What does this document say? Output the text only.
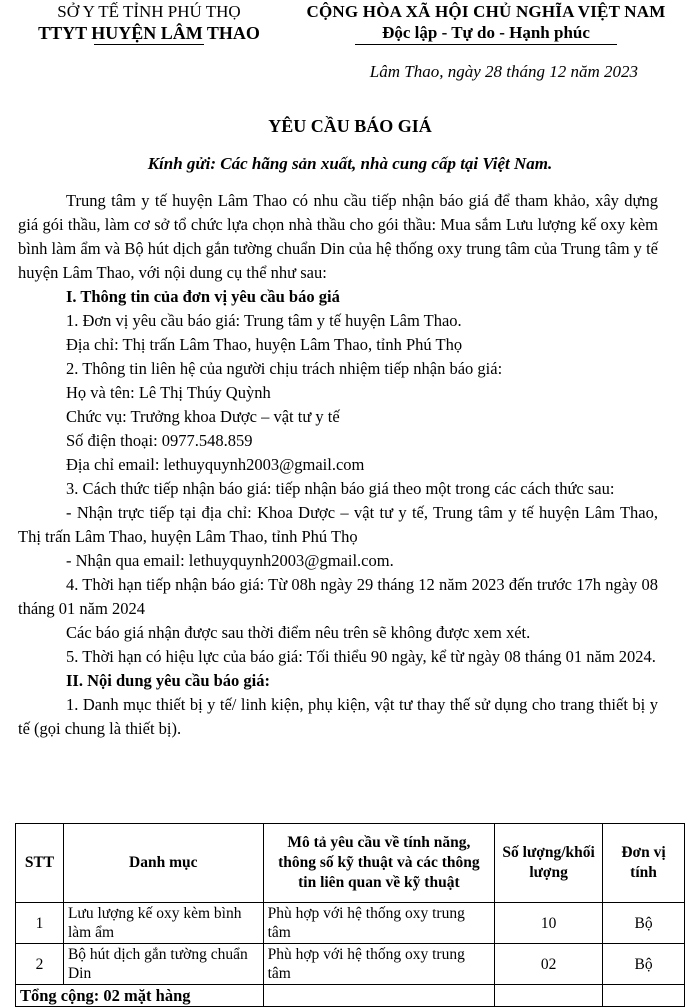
SỞ Y TẾ TỈNH PHÚ THỌ
TTYT HUYỆN LÂM THAO
CỘNG HÒA XÃ HỘI CHỦ NGHĨA VIỆT NAM
Độc lập - Tự do - Hạnh phúc
Lâm Thao, ngày 28 tháng 12 năm 2023
YÊU CẦU BÁO GIÁ
Kính gửi: Các hãng sản xuất, nhà cung cấp tại Việt Nam.

Trung tâm y tế huyện Lâm Thao có nhu cầu tiếp nhận báo giá để tham khảo, xây dựng giá gói thầu, làm cơ sở tổ chức lựa chọn nhà thầu cho gói thầu: Mua sắm Lưu lượng kế oxy kèm bình làm ẩm và Bộ hút dịch gắn tường chuẩn Din của hệ thống oxy trung tâm của Trung tâm y tế huyện Lâm Thao, với nội dung cụ thể như sau:

I. Thông tin của đơn vị yêu cầu báo giá

1. Đơn vị yêu cầu báo giá: Trung tâm y tế huyện Lâm Thao.

Địa chỉ: Thị trấn Lâm Thao, huyện Lâm Thao, tỉnh Phú Thọ

2. Thông tin liên hệ của người chịu trách nhiệm tiếp nhận báo giá:

Họ và tên: Lê Thị Thúy Quỳnh

Chức vụ: Trưởng khoa Dược – vật tư y tế

Số điện thoại: 0977.548.859

Địa chỉ email: lethuyquynh2003@gmail.com

3. Cách thức tiếp nhận báo giá: tiếp nhận báo giá theo một trong các cách thức sau:

- Nhận trực tiếp tại địa chỉ: Khoa Dược – vật tư y tế, Trung tâm y tế huyện Lâm Thao, Thị trấn Lâm Thao, huyện Lâm Thao, tỉnh Phú Thọ

- Nhận qua email: lethuyquynh2003@gmail.com.

4. Thời hạn tiếp nhận báo giá: Từ 08h ngày 29 tháng 12 năm 2023 đến trước 17h ngày 08 tháng 01 năm 2024

Các báo giá nhận được sau thời điểm nêu trên sẽ không được xem xét.

5. Thời hạn có hiệu lực của báo giá: Tối thiểu 90 ngày, kể từ ngày 08 tháng 01 năm 2024.

II. Nội dung yêu cầu báo giá:

1. Danh mục thiết bị y tế/ linh kiện, phụ kiện, vật tư thay thế sử dụng cho trang thiết bị y tế (gọi chung là thiết bị).

STT	Danh mục	Mô tả yêu cầu về tính năng, thông số kỹ thuật và các thông tin liên quan về kỹ thuật	Số lượng/khối lượng	Đơn vị tính
1	Lưu lượng kế oxy kèm bình làm ẩm	Phù hợp với hệ thống oxy trung tâm	10	Bộ
2	Bộ hút dịch gắn tường chuẩn Din	Phù hợp với hệ thống oxy trung tâm	02	Bộ
Tổng cộng: 02 mặt hàng				
